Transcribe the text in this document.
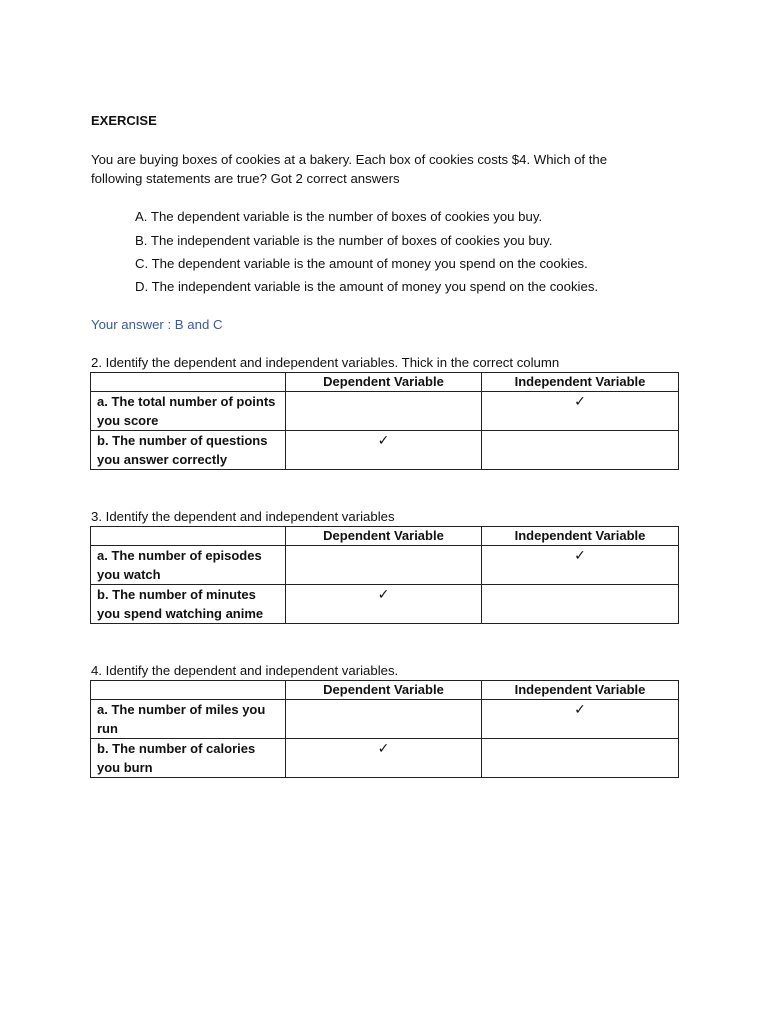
EXERCISE
You are buying boxes of cookies at a bakery. Each box of cookies costs $4. Which of the following statements are true? Got 2 correct answers
A. The dependent variable is the number of boxes of cookies you buy.
B. The independent variable is the number of boxes of cookies you buy.
C. The dependent variable is the amount of money you spend on the cookies.
D. The independent variable is the amount of money you spend on the cookies.
Your answer : B and C
2. Identify the dependent and independent variables. Thick in the correct column
	Dependent Variable	Independent Variable
a. The total number of points you score		✓
b. The number of questions you answer correctly	✓	
3. Identify the dependent and independent variables
	Dependent Variable	Independent Variable
a. The number of episodes you watch		✓
b. The number of minutes you spend watching anime	✓	
4. Identify the dependent and independent variables.
	Dependent Variable	Independent Variable
a. The number of miles you run		✓
b. The number of calories you burn	✓	
